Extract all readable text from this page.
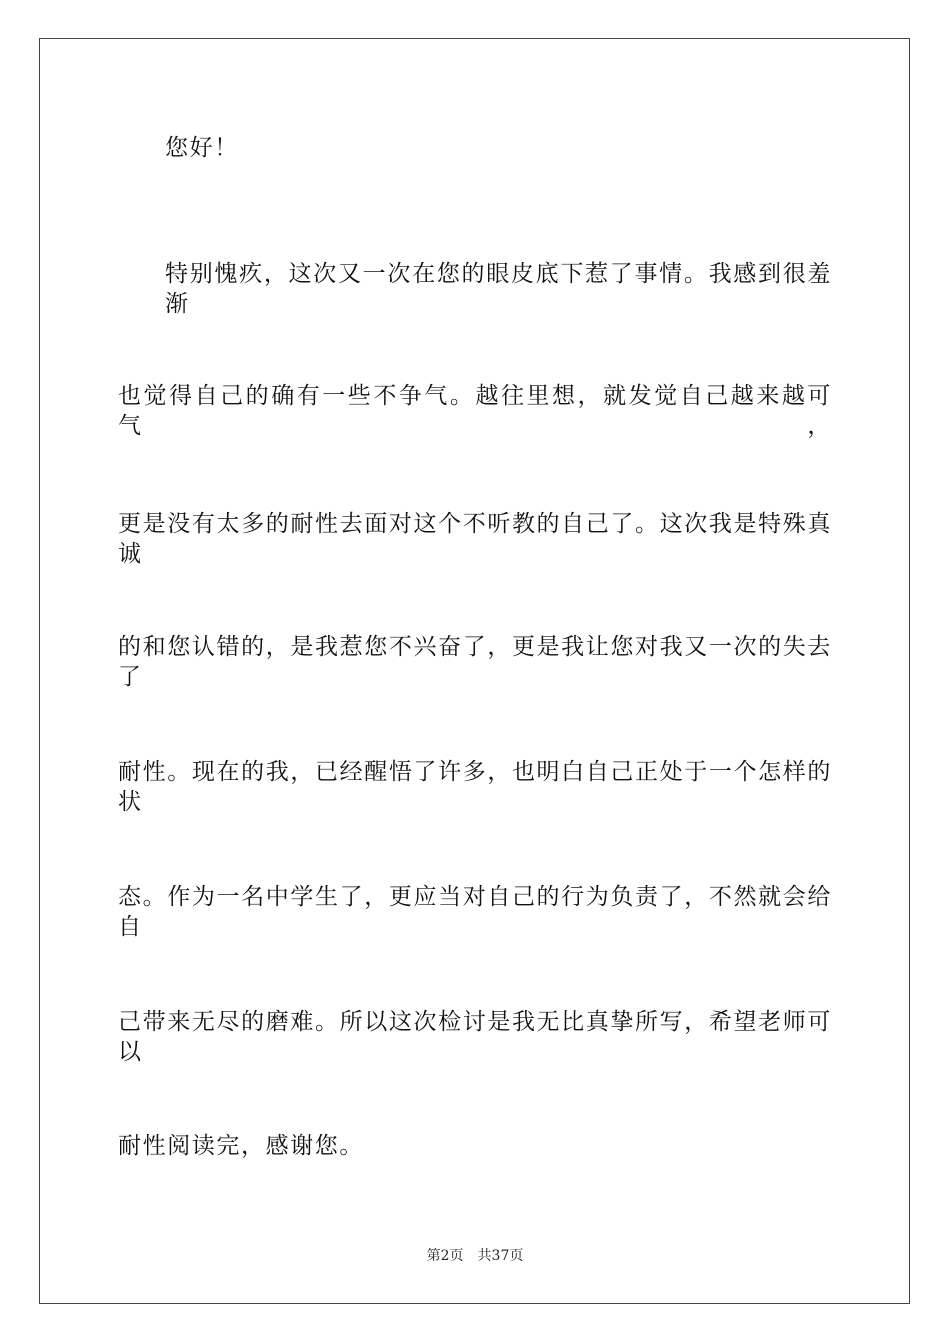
您好！
特别愧疚，这次又一次在您的眼皮底下惹了事情。我感到很羞渐
也觉得自己的确有一些不争气。越往里想，就发觉自己越来越可气，
更是没有太多的耐性去面对这个不听教的自己了。这次我是特殊真诚
的和您认错的，是我惹您不兴奋了，更是我让您对我又一次的失去了
耐性。现在的我，已经醒悟了许多，也明白自己正处于一个怎样的状
态。作为一名中学生了，更应当对自己的行为负责了，不然就会给自
己带来无尽的磨难。所以这次检讨是我无比真挚所写，希望老师可以
耐性阅读完，感谢您。
第2页 共37页
